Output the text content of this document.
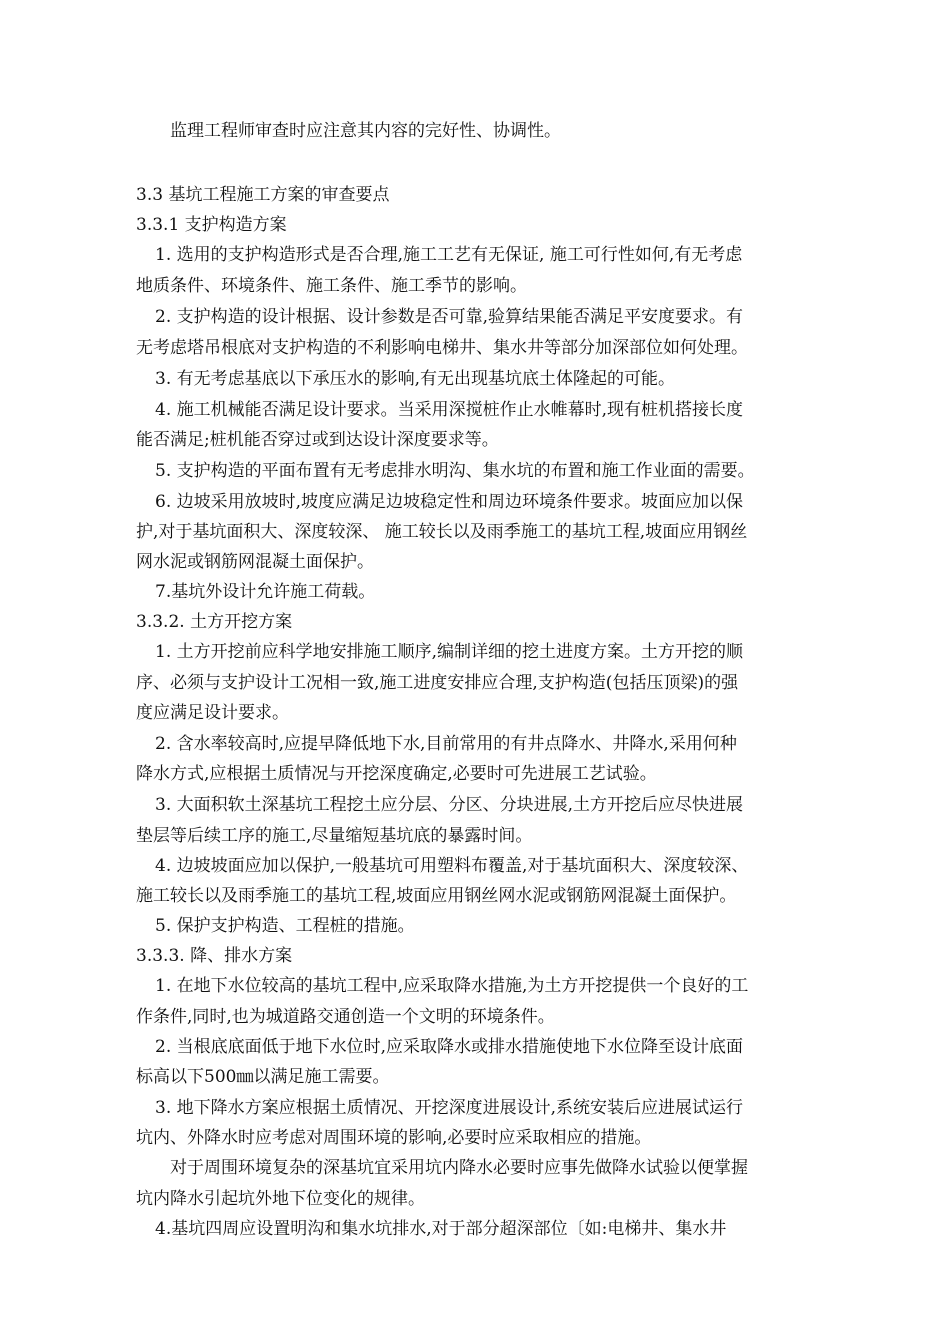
监理工程师审查时应注意其内容的完好性、协调性。
3.3 基坑工程施工方案的审查要点
3.3.1 支护构造方案
1. 选用的支护构造形式是否合理,施工工艺有无保证, 施工可行性如何,有无考虑
地质条件、环境条件、施工条件、施工季节的影响。
2. 支护构造的设计根据、设计参数是否可靠,验算结果能否满足平安度要求。有
无考虑塔吊根底对支护构造的不利影响电梯井、集水井等部分加深部位如何处理。
3. 有无考虑基底以下承压水的影响,有无出现基坑底土体隆起的可能。
4. 施工机械能否满足设计要求。当采用深搅桩作止水帷幕时,现有桩机搭接长度
能否满足;桩机能否穿过或到达设计深度要求等。
5. 支护构造的平面布置有无考虑排水明沟、集水坑的布置和施工作业面的需要。
6. 边坡采用放坡时,坡度应满足边坡稳定性和周边环境条件要求。坡面应加以保
护,对于基坑面积大、深度较深、 施工较长以及雨季施工的基坑工程,坡面应用钢丝
网水泥或钢筋网混凝土面保护。
7.基坑外设计允许施工荷载。
3.3.2. 土方开挖方案
1. 土方开挖前应科学地安排施工顺序,编制详细的挖土进度方案。土方开挖的顺
序、必须与支护设计工况相一致,施工进度安排应合理,支护构造(包括压顶梁)的强
度应满足设计要求。
2. 含水率较高时,应提早降低地下水,目前常用的有井点降水、井降水,采用何种
降水方式,应根据土质情况与开挖深度确定,必要时可先进展工艺试验。
3. 大面积软土深基坑工程挖土应分层、分区、分块进展,土方开挖后应尽快进展
垫层等后续工序的施工,尽量缩短基坑底的暴露时间。
4. 边坡坡面应加以保护,一般基坑可用塑料布覆盖,对于基坑面积大、深度较深、
施工较长以及雨季施工的基坑工程,坡面应用钢丝网水泥或钢筋网混凝土面保护。
5. 保护支护构造、工程桩的措施。
3.3.3. 降、排水方案
1. 在地下水位较高的基坑工程中,应采取降水措施,为土方开挖提供一个良好的工
作条件,同时,也为城道路交通创造一个文明的环境条件。
2. 当根底底面低于地下水位时,应采取降水或排水措施使地下水位降至设计底面
标高以下500㎜以满足施工需要。
3. 地下降水方案应根据土质情况、开挖深度进展设计,系统安装后应进展试运行
坑内、外降水时应考虑对周围环境的影响,必要时应采取相应的措施。
对于周围环境复杂的深基坑宜采用坑内降水必要时应事先做降水试验以便掌握
坑内降水引起坑外地下位变化的规律。
4.基坑四周应设置明沟和集水坑排水,对于部分超深部位〔如:电梯井、集水井
